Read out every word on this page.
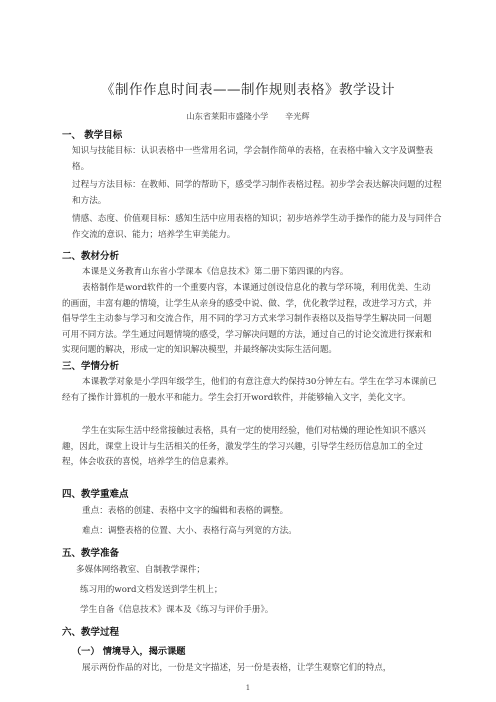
《制作作息时间表——制作规则表格》教学设计
山东省莱阳市盛隆小学 辛光辉
一、 教学目标
知识与技能目标：认识表格中一些常用名词，学会制作简单的表格，在表格中输入文字及调整表格。
过程与方法目标：在教师、同学的帮助下，感受学习制作表格过程。初步学会表达解决问题的过程和方法。
情感、态度、价值观目标：感知生活中应用表格的知识；初步培养学生动手操作的能力及与同伴合作交流的意识、能力；培养学生审美能力。
二、教材分析
本课是义务教育山东省小学课本《信息技术》第二册下第四课的内容。
表格制作是word软件的一个重要内容，本课通过创设信息化的教与学环境，利用优美、生动的画面，丰富有趣的情境，让学生从亲身的感受中说、做、学，优化教学过程，改进学习方式，并倡导学生主动参与学习和交流合作，用不同的学习方式来学习制作表格以及指导学生解决同一问题可用不同方法。学生通过问题情境的感受，学习解决问题的方法，通过自己的讨论交流进行探索和实现问题的解决，形成一定的知识解决模型，并最终解决实际生活问题。
三、学情分析
本课教学对象是小学四年级学生，他们的有意注意大约保持30分钟左右。学生在学习本课前已经有了操作计算机的一般水平和能力。学生会打开word软件，并能够输入文字，美化文字。
学生在实际生活中经常接触过表格，具有一定的使用经验，他们对枯燥的理论性知识不感兴趣，因此，课堂上设计与生活相关的任务，激发学生的学习兴趣，引导学生经历信息加工的全过程，体会收获的喜悦，培养学生的信息素养。
四、教学重难点
重点：表格的创建、表格中文字的编辑和表格的调整。
难点：调整表格的位置、大小、表格行高与列宽的方法。
五、教学准备
多媒体网络教室、自制教学课件；
练习用的word文档发送到学生机上；
学生自备《信息技术》课本及《练习与评价手册》。
六、教学过程
（一） 情境导入，揭示课题
展示两份作品的对比，一份是文字描述，另一份是表格，让学生观察它们的特点，
1
